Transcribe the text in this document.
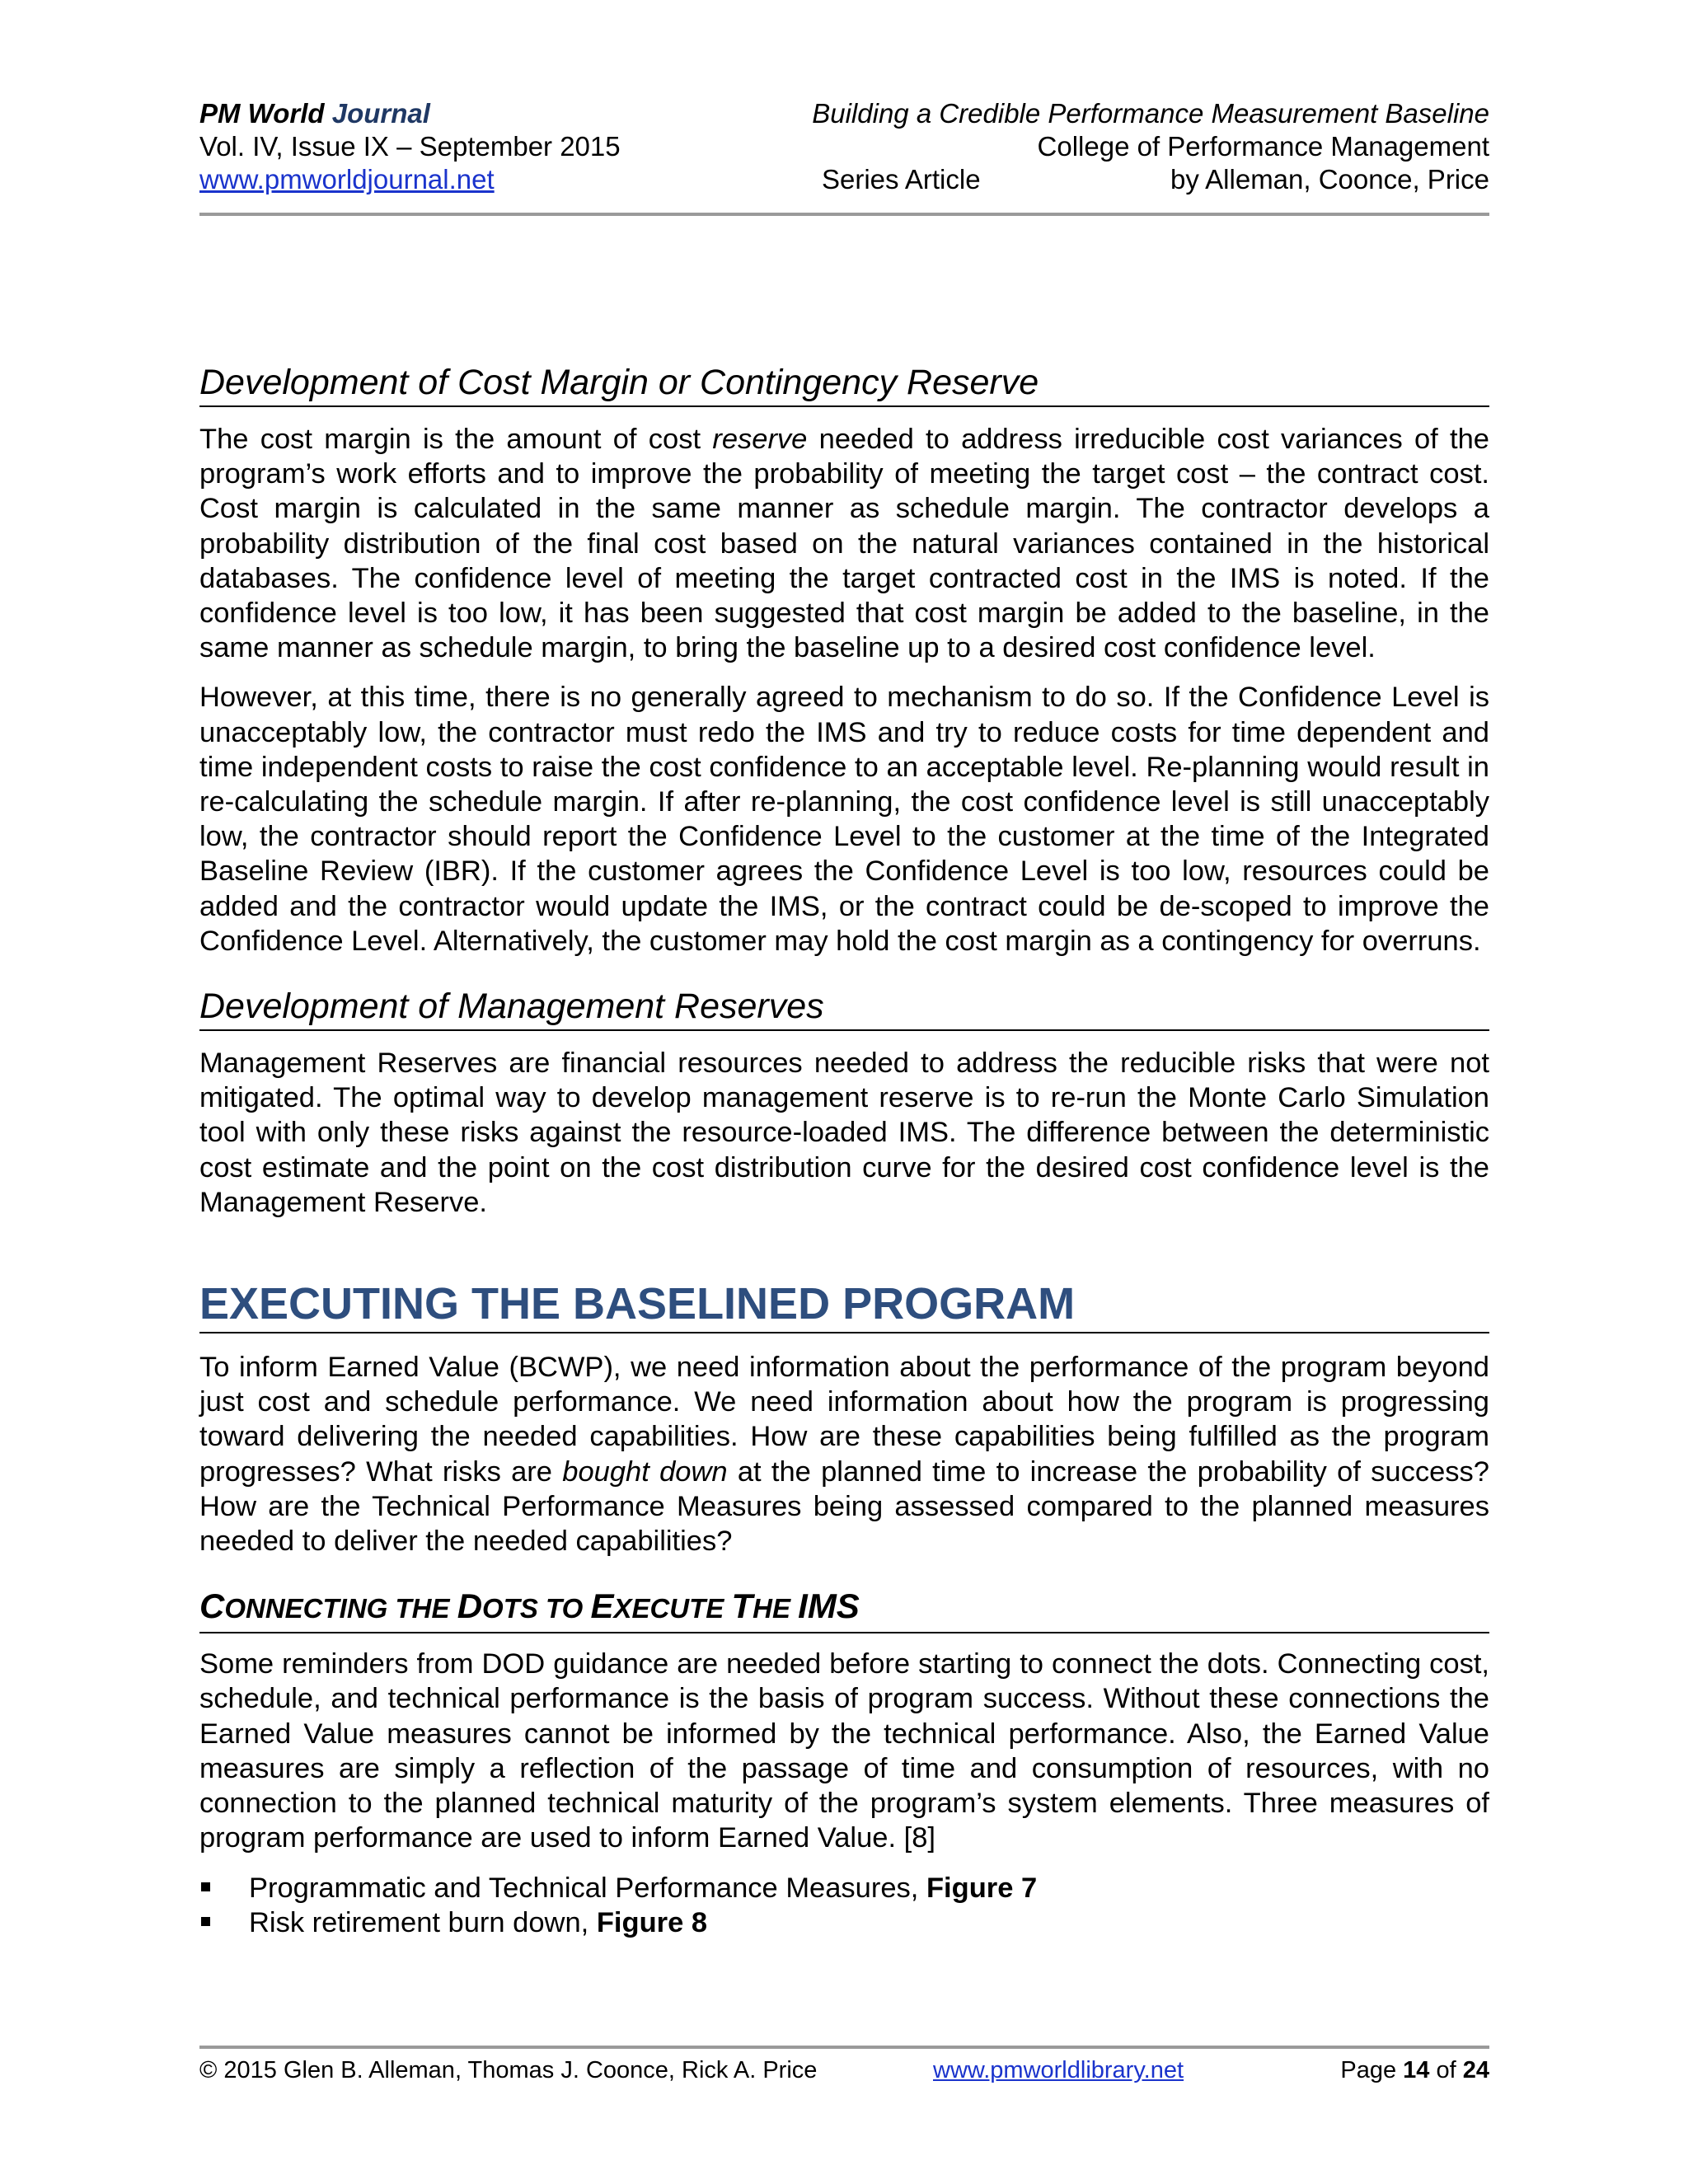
PM World Journal	Building a Credible Performance Measurement Baseline
Vol. IV, Issue IX – September 2015	College of Performance Management
www.pmworldjournal.net	Series Article	by Alleman, Coonce, Price
Development of Cost Margin or Contingency Reserve

The cost margin is the amount of cost reserve needed to address irreducible cost variances of the program’s work efforts and to improve the probability of meeting the target cost – the contract cost. Cost margin is calculated in the same manner as schedule margin. The contractor develops a probability distribution of the final cost based on the natural variances contained in the historical databases. The confidence level of meeting the target contracted cost in the IMS is noted. If the confidence level is too low, it has been suggested that cost margin be added to the baseline, in the same manner as schedule margin, to bring the baseline up to a desired cost confidence level.

However, at this time, there is no generally agreed to mechanism to do so. If the Confidence Level is unacceptably low, the contractor must redo the IMS and try to reduce costs for time dependent and time independent costs to raise the cost confidence to an acceptable level. Re-planning would result in re-calculating the schedule margin. If after re-planning, the cost confidence level is still unacceptably low, the contractor should report the Confidence Level to the customer at the time of the Integrated Baseline Review (IBR). If the customer agrees the Confidence Level is too low, resources could be added and the contractor would update the IMS, or the contract could be de-scoped to improve the Confidence Level. Alternatively, the customer may hold the cost margin as a contingency for overruns.

Development of Management Reserves

Management Reserves are financial resources needed to address the reducible risks that were not mitigated. The optimal way to develop management reserve is to re-run the Monte Carlo Simulation tool with only these risks against the resource-loaded IMS. The difference between the deterministic cost estimate and the point on the cost distribution curve for the desired cost confidence level is the Management Reserve.

EXECUTING THE BASELINED PROGRAM

To inform Earned Value (BCWP), we need information about the performance of the program beyond just cost and schedule performance. We need information about how the program is progressing toward delivering the needed capabilities. How are these capabilities being fulfilled as the program progresses? What risks are bought down at the planned time to increase the probability of success? How are the Technical Performance Measures being assessed compared to the planned measures needed to deliver the needed capabilities?

CONNECTING THE DOTS TO EXECUTE THE IMS

Some reminders from DOD guidance are needed before starting to connect the dots. Connecting cost, schedule, and technical performance is the basis of program success. Without these connections the Earned Value measures cannot be informed by the technical performance. Also, the Earned Value measures are simply a reflection of the passage of time and consumption of resources, with no connection to the planned technical maturity of the program’s system elements. Three measures of program performance are used to inform Earned Value. [8]

Programmatic and Technical Performance Measures, Figure 7
Risk retirement burn down, Figure 8
© 2015 Glen B. Alleman, Thomas J. Coonce, Rick A. Price	www.pmworldlibrary.net	Page 14 of 24
